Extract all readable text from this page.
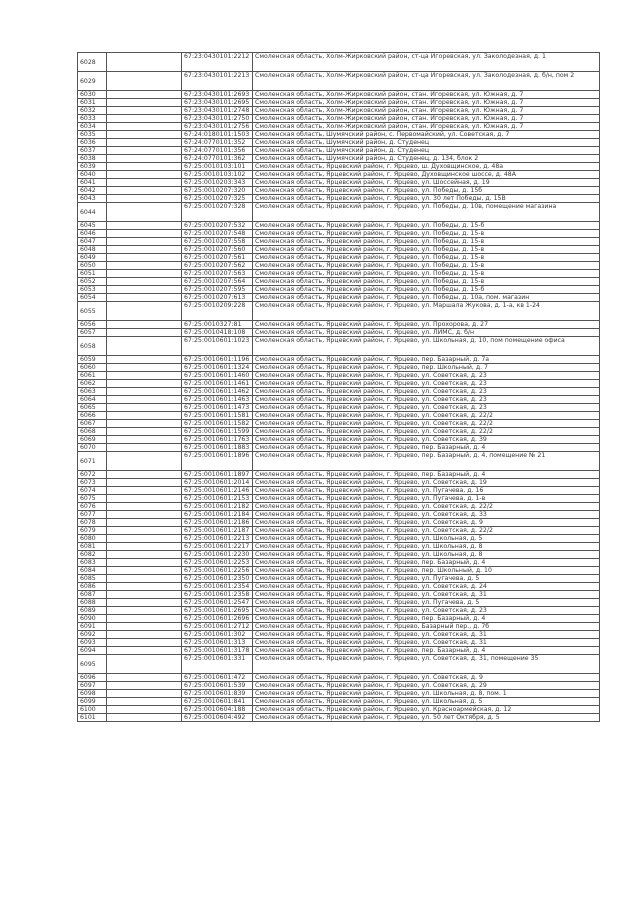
6028		67:23:0430101:2212	Смоленская область, Холм-Жирковский район, ст-ца Игоревская, ул. Заколодезная, д. 1
6029		67:23:0430101:2213	Смоленская область, Холм-Жирковский район, ст-ца Игоревская, ул. Заколодезная, д. б/н, пом 2
6030		67:23:0430101:2693	Смоленская область, Холм-Жирковский район, стан. Игоревская, ул. Южная, д. 7
6031		67:23:0430101:2695	Смоленская область, Холм-Жирковский район, стан. Игоревская, ул. Южная, д. 7
6032		67:23:0430101:2748	Смоленская область, Холм-Жирковский район, стан. Игоревская, ул. Южная, д. 7
6033		67:23:0430101:2750	Смоленская область, Холм-Жирковский район, стан. Игоревская, ул. Южная, д. 7
6034		67:23:0430101:2756	Смоленская область, Холм-Жирковский район, стан. Игоревская, ул. Южная, д. 7
6035		67:24:0180101:1503	Смоленская область, Шумячский район, с. Первомайский, ул. Советская, д. 7
6036		67:24:0770101:352	Смоленская область, Шумячский район, д. Студенец
6037		67:24:0770101:356	Смоленская область, Шумячский район, д. Студенец
6038		67:24:0770101:362	Смоленская область, Шумячский район, д. Студенец, д. 134, блок 2
6039		67:25:0010103:101	Смоленская область, Ярцевский район, г. Ярцево, ш. Духовщинское, д. 48а
6040		67:25:0010103:102	Смоленская область, Ярцевский район, г. Ярцево, Духовщинское шоссе, д. 48А
6041		67:25:0010203:343	Смоленская область, Ярцевский район, г. Ярцево, ул. Шоссейная, д. 19
6042		67:25:0010207:320	Смоленская область, Ярцевский район, г. Ярцево, ул. Победы, д. 15б
6043		67:25:0010207:325	Смоленская область, Ярцевский район, г. Ярцево, ул. 30 лет Победы, д. 15В
6044		67:25:0010207:328	Смоленская область, Ярцевский район, г. Ярцево, ул. Победы, д. 10в, помещение магазина
6045		67:25:0010207:532	Смоленская область, Ярцевский район, г. Ярцево, ул. Победы, д. 15-б
6046		67:25:0010207:548	Смоленская область, Ярцевский район, г. Ярцево, ул. Победы, д. 15-в
6047		67:25:0010207:558	Смоленская область, Ярцевский район, г. Ярцево, ул. Победы, д. 15-в
6048		67:25:0010207:560	Смоленская область, Ярцевский район, г. Ярцево, ул. Победы, д. 15-в
6049		67:25:0010207:561	Смоленская область, Ярцевский район, г. Ярцево, ул. Победы, д. 15-в
6050		67:25:0010207:562	Смоленская область, Ярцевский район, г. Ярцево, ул. Победы, д. 15-в
6051		67:25:0010207:563	Смоленская область, Ярцевский район, г. Ярцево, ул. Победы, д. 15-в
6052		67:25:0010207:564	Смоленская область, Ярцевский район, г. Ярцево, ул. Победы, д. 15-в
6053		67:25:0010207:595	Смоленская область, Ярцевский район, г. Ярцево, ул. Победы, д. 15-б
6054		67:25:0010207:613	Смоленская область, Ярцевский район, г. Ярцево, ул. Победы, д. 10а, пом. магазин
6055		67:25:0010209:228	Смоленская область, Ярцевский район, г. Ярцево, ул. Маршала Жукова, д. 1-а, кв 1-24
6056		67:25:0010327:81	Смоленская область, Ярцевский район, г. Ярцево, ул. Прохорова, д. 27
6057		67:25:0010418:108	Смоленская область, Ярцевский район, г. Ярцево, ул. ЛИМС, д. б/н
6058		67:25:0010601:1023	Смоленская область, Ярцевский район, г. Ярцево, ул. Школьная, д. 10, пом помещение офиса
6059		67:25:0010601:1196	Смоленская область, Ярцевский район, г. Ярцево, пер. Базарный, д. 7а
6060		67:25:0010601:1324	Смоленская область, Ярцевский район, г. Ярцево, пер. Школьный, д. 7
6061		67:25:0010601:1460	Смоленская область, Ярцевский район, г. Ярцево, ул. Советская, д. 23
6062		67:25:0010601:1461	Смоленская область, Ярцевский район, г. Ярцево, ул. Советская, д. 23
6063		67:25:0010601:1462	Смоленская область, Ярцевский район, г. Ярцево, ул. Советская, д. 23
6064		67:25:0010601:1463	Смоленская область, Ярцевский район, г. Ярцево, ул. Советская, д. 23
6065		67:25:0010601:1473	Смоленская область, Ярцевский район, г. Ярцево, ул. Советская, д. 23
6066		67:25:0010601:1581	Смоленская область, Ярцевский район, г. Ярцево, ул. Советская, д. 22/2
6067		67:25:0010601:1582	Смоленская область, Ярцевский район, г. Ярцево, ул. Советская, д. 22/2
6068		67:25:0010601:1599	Смоленская область, Ярцевский район, г. Ярцево, ул. Советская, д. 22/2
6069		67:25:0010601:1763	Смоленская область, Ярцевский район, г. Ярцево, ул. Советская, д. 39
6070		67:25:0010601:1883	Смоленская область, Ярцевский район, г. Ярцево, пер. Базарный, д. 4
6071		67:25:0010601:1896	Смоленская область, Ярцевский район, г. Ярцево, пер. Базарный, д. 4, помещение № 21
6072		67:25:0010601:1897	Смоленская область, Ярцевский район, г. Ярцево, пер. Базарный, д. 4
6073		67:25:0010601:2014	Смоленская область, Ярцевский район, г. Ярцево, ул. Советская, д. 19
6074		67:25:0010601:2146	Смоленская область, Ярцевский район, г. Ярцево, ул. Пугачева, д. 16
6075		67:25:0010601:2153	Смоленская область, Ярцевский район, г. Ярцево, ул. Пугачева, д. 1-в
6076		67:25:0010601:2182	Смоленская область, Ярцевский район, г. Ярцево, ул. Советская, д. 22/2
6077		67:25:0010601:2184	Смоленская область, Ярцевский район, г. Ярцево, ул. Советская, д. 33
6078		67:25:0010601:2186	Смоленская область, Ярцевский район, г. Ярцево, ул. Советская, д. 9
6079		67:25:0010601:2187	Смоленская область, Ярцевский район, г. Ярцево, ул. Советская, д. 22/2
6080		67:25:0010601:2213	Смоленская область, Ярцевский район, г. Ярцево, ул. Школьная, д. 5
6081		67:25:0010601:2217	Смоленская область, Ярцевский район, г. Ярцево, ул. Школьная, д. 8
6082		67:25:0010601:2230	Смоленская область, Ярцевский район, г. Ярцево, ул. Школьная, д. 8
6083		67:25:0010601:2253	Смоленская область, Ярцевский район, г. Ярцево, пер. Базарный, д. 4
6084		67:25:0010601:2256	Смоленская область, Ярцевский район, г. Ярцево, пер. Школьный, д. 10
6085		67:25:0010601:2350	Смоленская область, Ярцевский район, г. Ярцево, ул. Пугачева, д. 5
6086		67:25:0010601:2354	Смоленская область, Ярцевский район, г. Ярцево, ул. Советская, д. 24
6087		67:25:0010601:2358	Смоленская область, Ярцевский район, г. Ярцево, ул. Советская, д. 31
6088		67:25:0010601:2547	Смоленская область, Ярцевский район, г. Ярцево, ул. Пугачева, д. 5
6089		67:25:0010601:2695	Смоленская область, Ярцевский район, г. Ярцево, ул. Советская, д. 23
6090		67:25:0010601:2696	Смоленская область, Ярцевский район, г. Ярцево, пер. Базарный, д. 4
6091		67:25:0010601:2712	Смоленская область, Ярцевский район, г. Ярцево, Базарный пер., д. 7б
6092		67:25:0010601:302	Смоленская область, Ярцевский район, г. Ярцево, ул. Советская, д. 31
6093		67:25:0010601:313	Смоленская область, Ярцевский район, г. Ярцево, ул. Советская, д. 31
6094		67:25:0010601:3178	Смоленская область, Ярцевский район, г. Ярцево, пер. Базарный, д. 4
6095		67:25:0010601:331	Смоленская область, Ярцевский район, г. Ярцево, ул. Советская, д. 31, помещение 35
6096		67:25:0010601:472	Смоленская область, Ярцевский район, г. Ярцево, ул. Советская, д. 9
6097		67:25:0010601:539	Смоленская область, Ярцевский район, г. Ярцево, ул. Советская, д. 29
6098		67:25:0010601:839	Смоленская область, Ярцевский район, г. Ярцево, ул. Школьная, д. 8, пом. 1
6099		67:25:0010601:841	Смоленская область, Ярцевский район, г. Ярцево, ул. Школьная, д. 5
6100		67:25:0010604:188	Смоленская область, Ярцевский район, г. Ярцево, ул. Красноармейская, д. 12
6101		67:25:0010604:492	Смоленская область, Ярцевский район, г. Ярцево, ул. 50 лет Октября, д. 5
